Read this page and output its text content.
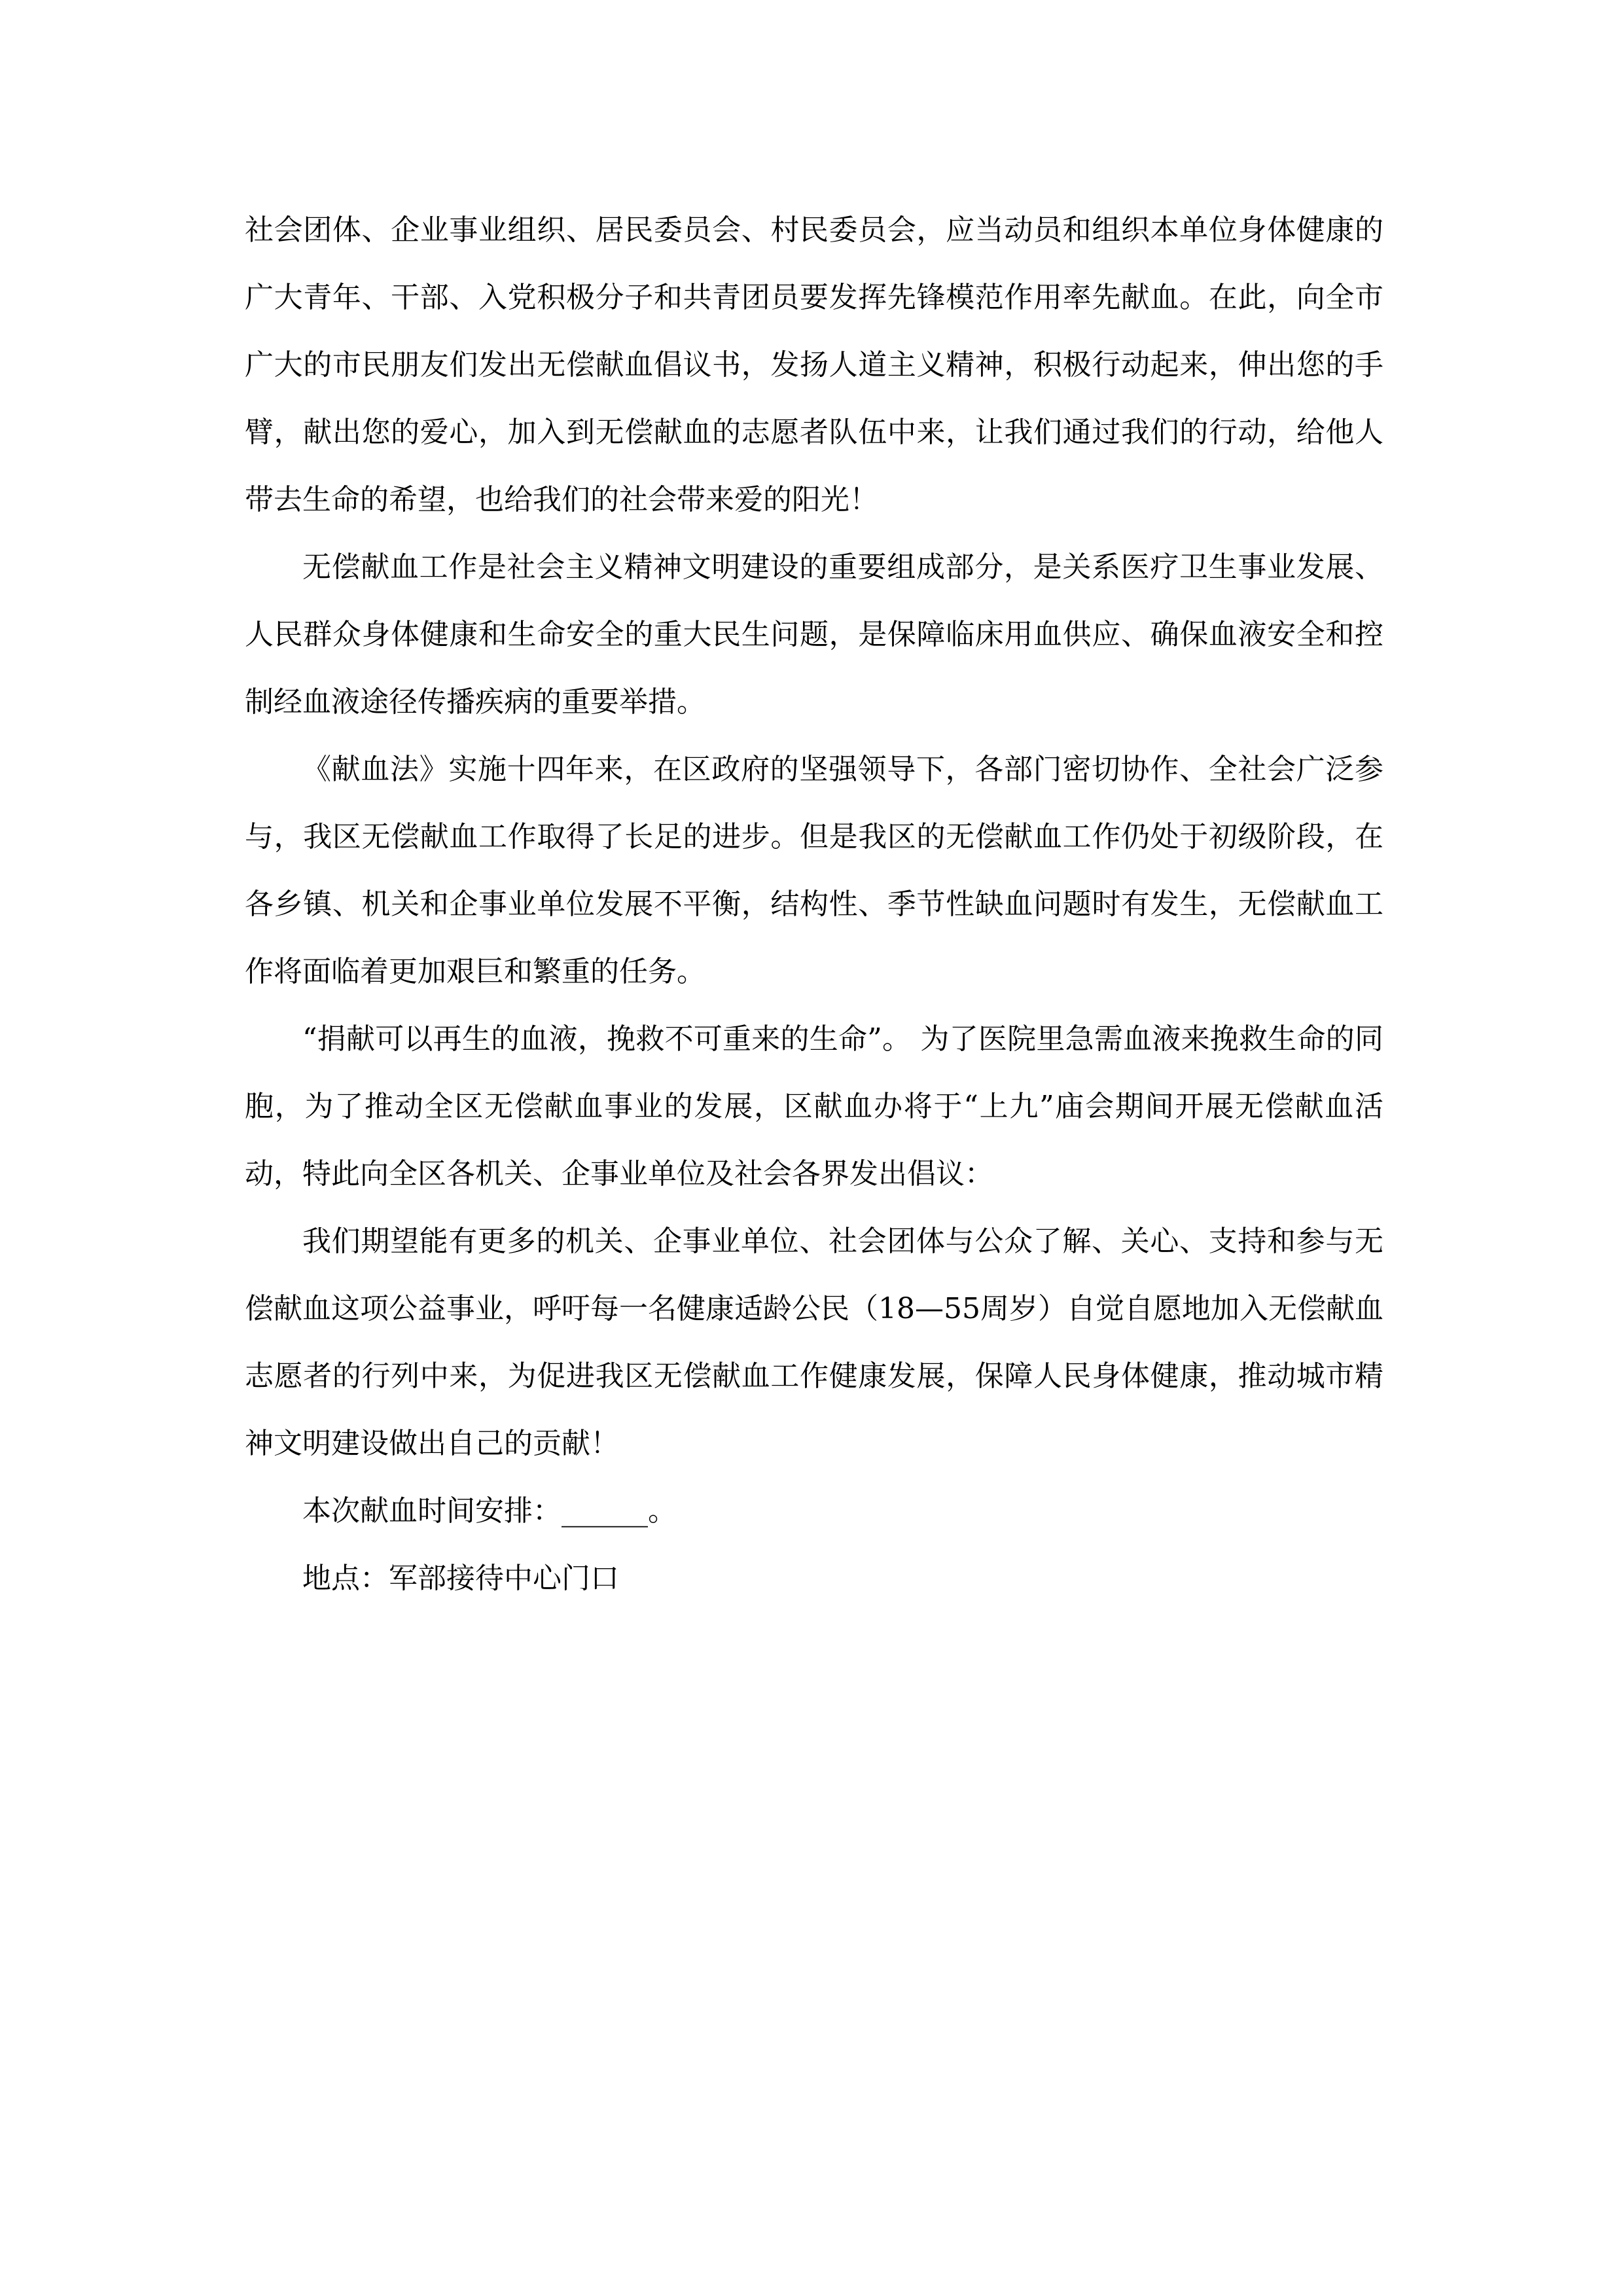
社会团体、企业事业组织、居民委员会、村民委员会，应当动员和组织本单位身体健康的广大青年、干部、入党积极分子和共青团员要发挥先锋模范作用率先献血。在此，向全市广大的市民朋友们发出无偿献血倡议书，发扬人道主义精神，积极行动起来，伸出您的手臂，献出您的爱心，加入到无偿献血的志愿者队伍中来，让我们通过我们的行动，给他人带去生命的希望，也给我们的社会带来爱的阳光！

无偿献血工作是社会主义精神文明建设的重要组成部分，是关系医疗卫生事业发展、人民群众身体健康和生命安全的重大民生问题，是保障临床用血供应、确保血液安全和控制经血液途径传播疾病的重要举措。

《献血法》实施十四年来，在区政府的坚强领导下，各部门密切协作、全社会广泛参与，我区无偿献血工作取得了长足的进步。但是我区的无偿献血工作仍处于初级阶段，在各乡镇、机关和企事业单位发展不平衡，结构性、季节性缺血问题时有发生，无偿献血工作将面临着更加艰巨和繁重的任务。

“捐献可以再生的血液，挽救不可重来的生命”。 为了医院里急需血液来挽救生命的同胞，为了推动全区无偿献血事业的发展，区献血办将于“上九”庙会期间开展无偿献血活动，特此向全区各机关、企事业单位及社会各界发出倡议：

我们期望能有更多的机关、企事业单位、社会团体与公众了解、关心、支持和参与无偿献血这项公益事业，呼吁每一名健康适龄公民（18—55周岁）自觉自愿地加入无偿献血志愿者的行列中来，为促进我区无偿献血工作健康发展，保障人民身体健康，推动城市精神文明建设做出自己的贡献！

本次献血时间安排：______。

地点：军部接待中心门口
